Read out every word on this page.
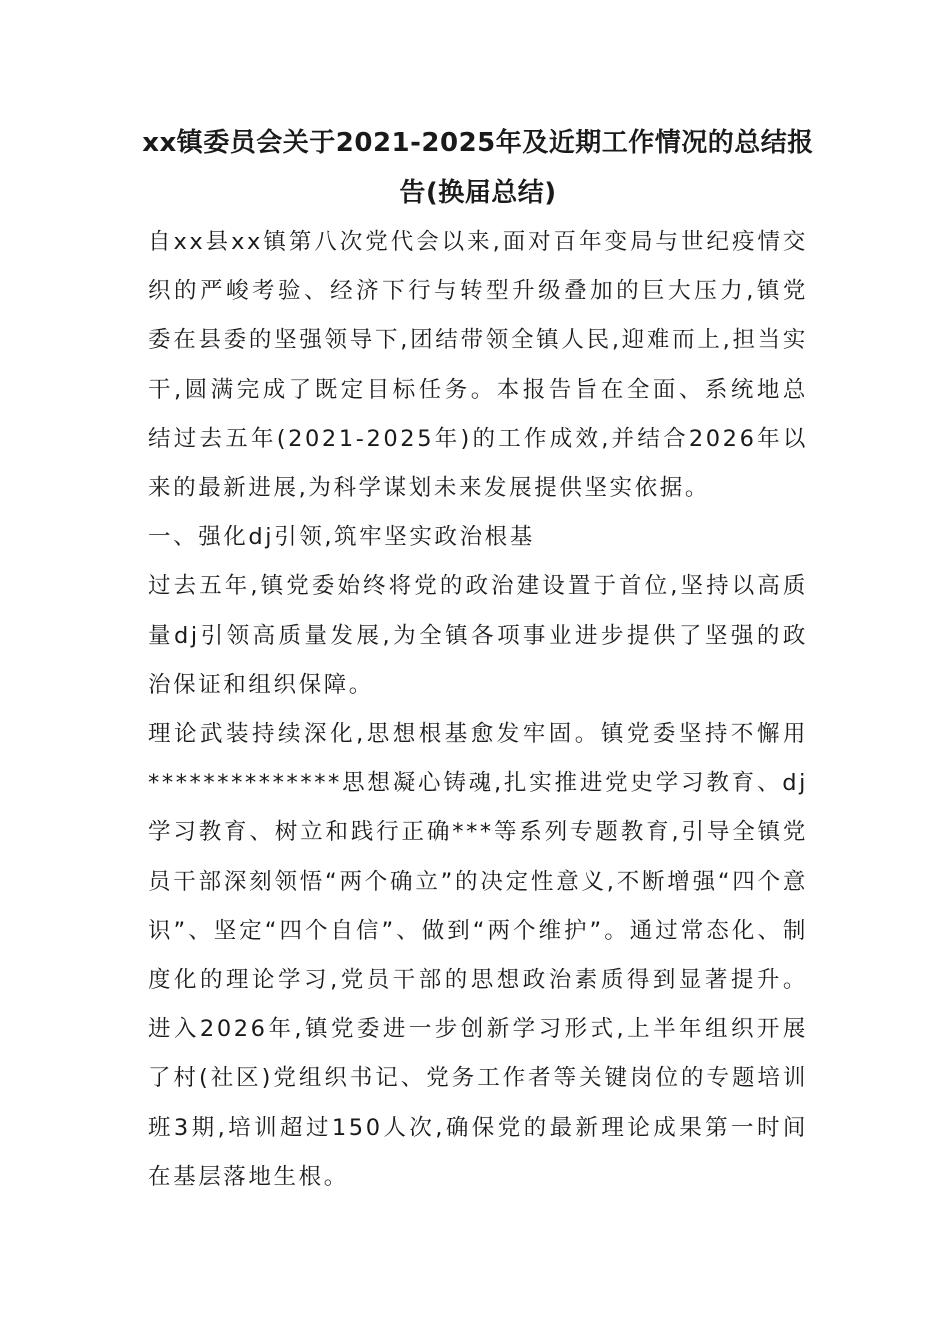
xx镇委员会关于2021-2025年及近期工作情况的总结报告(换届总结)

自xx县xx镇第八次党代会以来,面对百年变局与世纪疫情交织的严峻考验、经济下行与转型升级叠加的巨大压力,镇党委在县委的坚强领导下,团结带领全镇人民,迎难而上,担当实干,圆满完成了既定目标任务。本报告旨在全面、系统地总结过去五年(2021-2025年)的工作成效,并结合2026年以来的最新进展,为科学谋划未来发展提供坚实依据。

一、强化dj引领,筑牢坚实政治根基

过去五年,镇党委始终将党的政治建设置于首位,坚持以高质量dj引领高质量发展,为全镇各项事业进步提供了坚强的政治保证和组织保障。

理论武装持续深化,思想根基愈发牢固。镇党委坚持不懈用**************思想凝心铸魂,扎实推进党史学习教育、dj学习教育、树立和践行正确***等系列专题教育,引导全镇党员干部深刻领悟“两个确立”的决定性意义,不断增强“四个意识”、坚定“四个自信”、做到“两个维护”。通过常态化、制度化的理论学习,党员干部的思想政治素质得到显著提升。进入2026年,镇党委进一步创新学习形式,上半年组织开展了村(社区)党组织书记、党务工作者等关键岗位的专题培训班3期,培训超过150人次,确保党的最新理论成果第一时间在基层落地生根。
